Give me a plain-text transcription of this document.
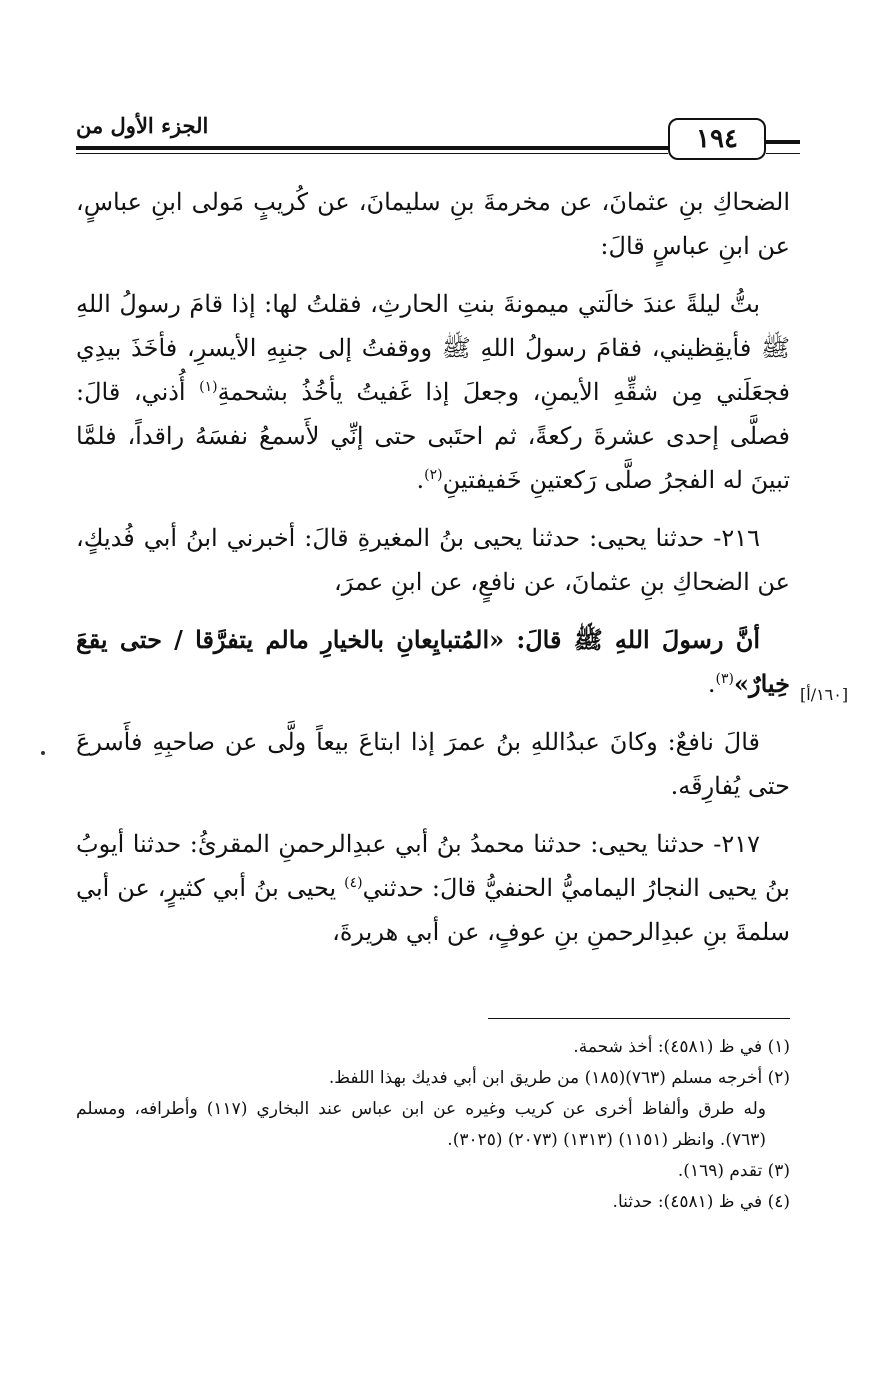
الجزء الأول من	١٩٤
[١٦٠/أ]

الضحاكِ بنِ عثمانَ، عن مخرمةَ بنِ سليمانَ، عن كُريبٍ مَولى ابنِ عباسٍ، عن ابنِ عباسٍ قالَ:

بتُّ ليلةً عندَ خالَتي ميمونةَ بنتِ الحارثِ، فقلتُ لها: إذا قامَ رسولُ اللهِ ﷺ فأيقِظيني، فقامَ رسولُ اللهِ ﷺ ووقفتُ إلى جنبِهِ الأيسرِ، فأخَذَ بيدِي فجعَلَني مِن شقِّهِ الأيمنِ، وجعلَ إذا غَفيتُ يأخُذُ بشحمةِ$^{(١)}$ أُذني، قالَ: فصلَّى إحدى عشرةَ ركعةً، ثم احتَبى حتى إنِّي لأَسمعُ نفسَهُ راقداً، فلمَّا تبينَ له الفجرُ صلَّى رَكعتينِ خَفيفتينِ$^{(٢)}$.

٢١٦- حدثنا يحيى: حدثنا يحيى بنُ المغيرةِ قالَ: أخبرني ابنُ أبي فُديكٍ، عن الضحاكِ بنِ عثمانَ، عن نافعٍ، عن ابنِ عمرَ،

أنَّ رسولَ اللهِ ﷺ قالَ: «المُتبايِعانِ بالخيارِ مالم يتفرَّقا / حتى يقعَ خِيارٌ»$^{(٣)}$.

قالَ نافعٌ: وكانَ عبدُاللهِ بنُ عمرَ إذا ابتاعَ بيعاً ولَّى عن صاحبِهِ فأَسرعَ حتى يُفارِقَه.

٢١٧- حدثنا يحيى: حدثنا محمدُ بنُ أبي عبدِالرحمنِ المقرئُ: حدثنا أيوبُ بنُ يحيى النجارُ اليماميُّ الحنفيُّ قالَ: حدثني$^{(٤)}$ يحيى بنُ أبي كثيرٍ، عن أبي سلمةَ بنِ عبدِالرحمنِ بنِ عوفٍ، عن أبي هريرةَ،

(١) في ظ (٤٥٨١): أخذ شحمة.

(٢) أخرجه مسلم (٧٦٣)(١٨٥) من طريق ابن أبي فديك بهذا اللفظ.

وله طرق وألفاظ أخرى عن كريب وغيره عن ابن عباس عند البخاري (١١٧) وأطرافه، ومسلم (٧٦٣). وانظر (١١٥١) (١٣١٣) (٢٠٧٣) (٣٠٢٥).

(٣) تقدم (١٦٩).

(٤) في ظ (٤٥٨١): حدثنا.
